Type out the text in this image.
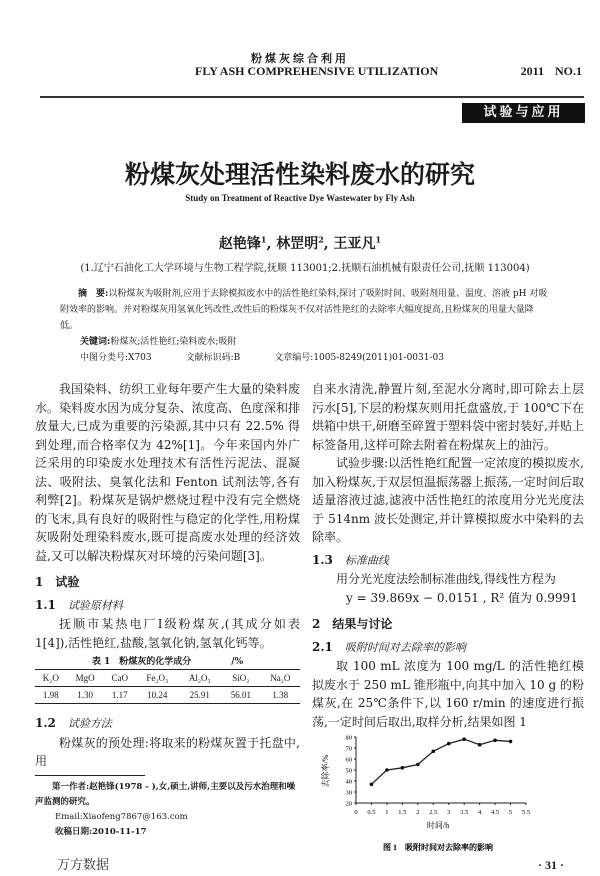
粉煤灰综合利用
FLY ASH COMPREHENSIVE UTILIZATION	2011 NO.1
试验与应用
粉煤灰处理活性染料废水的研究
Study on Treatment of Reactive Dye Wastewater by Fly Ash
赵艳锋$^1$, 林罡明$^2$, 王亚凡$^1$
(1.辽宁石油化工大学环境与生物工程学院,抚顺 113001;2.抚顺石油机械有限责任公司,抚顺 113004)
摘　要:以粉煤灰为吸附剂,应用于去除模拟废水中的活性艳红染料,探讨了吸附时间、吸附剂用量、温度、溶液 pH 对吸附效率的影响。并对粉煤灰用氢氧化钙改性,改性后的粉煤灰不仅对活性艳红的去除率大幅度提高,且粉煤灰的用量大量降低。
关键词:粉煤灰;活性艳红;染料废水;吸附
中图分类号:X703	文献标识码:B	文章编号:1005-8249(2011)01-0031-03
我国染料、纺织工业每年要产生大量的染料废水。染料废水因为成分复杂、浓度高、色度深和排放量大,已成为重要的污染源,其中只有 22.5% 得到处理,而合格率仅为 42%[1]。今年来国内外广泛采用的印染废水处理技术有活性污泥法、混凝法、吸附法、臭氧化法和 Fenton 试剂法等,各有利弊[2]。粉煤灰是锅炉燃烧过程中没有完全燃烧的飞末,具有良好的吸附性与稳定的化学性,用粉煤灰吸附处理染料废水,既可提高废水处理的经济效益,又可以解决粉煤灰对环境的污染问题[3]。
1　试验
1.1 试验原材料
抚顺市某热电厂Ⅰ级粉煤灰,(其成分如表 1[4]),活性艳红,盐酸,氢氧化钠,氢氧化钙等。
表 1　粉煤灰的化学成分	/%
K₂O	MgO	CaO	Fe₂O₃	Al₂O₃	SiO₂	Na₂O
1.98	1.30	1.17	10.24	25.91	56.01	1.38
1.2 试验方法
粉煤灰的预处理:将取来的粉煤灰置于托盘中,用
第一作者:赵艳锋(1978 - ),女,硕士,讲师,主要以及污水治理和噪声监测的研究。
Email:Xiaofeng7867@163.com
收稿日期:2010-11-17
万方数据
自来水清洗,静置片刻,至泥水分离时,即可除去上层污水[5],下层的粉煤灰则用托盘盛放,于 100℃下在烘箱中烘干,研磨至碎置于塑料袋中密封装好,并贴上标签备用,这样可除去附着在粉煤灰上的油污。
试验步骤:以活性艳红配置一定浓度的模拟废水,加入粉煤灰,于双层恒温振荡器上振荡,一定时间后取适量溶液过滤,滤液中活性艳红的浓度用分光光度法于 514nm 波长处测定,并计算模拟废水中染料的去除率。
1.3 标准曲线
用分光光度法绘制标准曲线,得线性方程为
y = 39.869x − 0.0151 , R² 值为 0.9991
2　结果与讨论
2.1 吸附时间对去除率的影响
取 100 mL 浓度为 100 mg/L 的活性艳红模拟废水于 250 mL 锥形瓶中,向其中加入 10 g 的粉煤灰,在 25℃条件下,以 160 r/min 的速度进行振荡,一定时间后取出,取样分析,结果如图 1
去除率/%
时间/h
图 1　吸附时间对去除率的影响
20
30
40
50
60
70
80
0 0.5 1 1.5 2 2.5 3 3.5 4 4.5 5 5.5
· 31 ·
